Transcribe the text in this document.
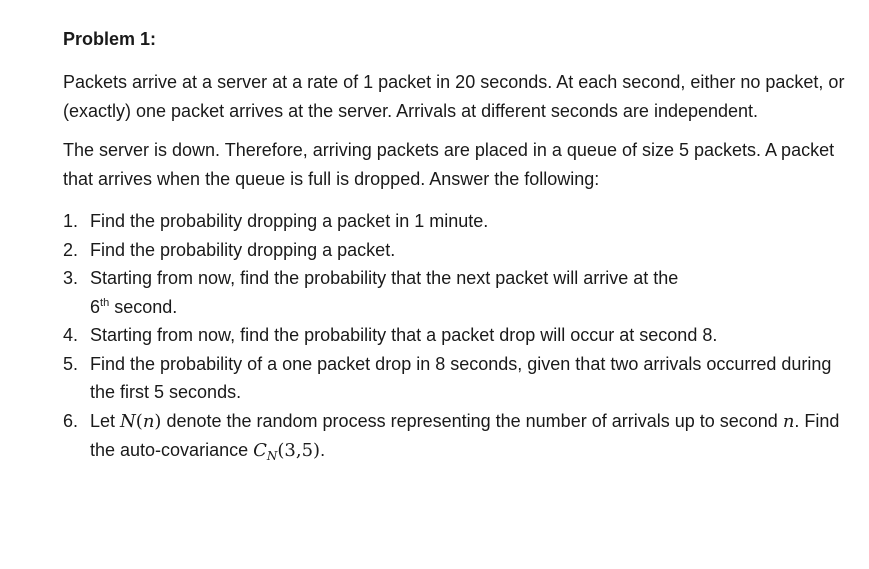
Problem 1:

Packets arrive at a server at a rate of 1 packet in 20 seconds. At each second, either no packet, or (exactly) one packet arrives at the server. Arrivals at different seconds are independent.

The server is down. Therefore, arriving packets are placed in a queue of size 5 packets. A packet that arrives when the queue is full is dropped. Answer the following:

1. Find the probability dropping a packet in 1 minute.
2. Find the probability dropping a packet.
3. Starting from now, find the probability that the next packet will arrive at the
6th second.
4. Starting from now, find the probability that a packet drop will occur at second 8.
5. Find the probability of a one packet drop in 8 seconds, given that two arrivals occurred during the first 5 seconds.
6. Let N(n) denote the random process representing the number of arrivals up to second n. Find the auto-covariance $C_N(3,5)$.
